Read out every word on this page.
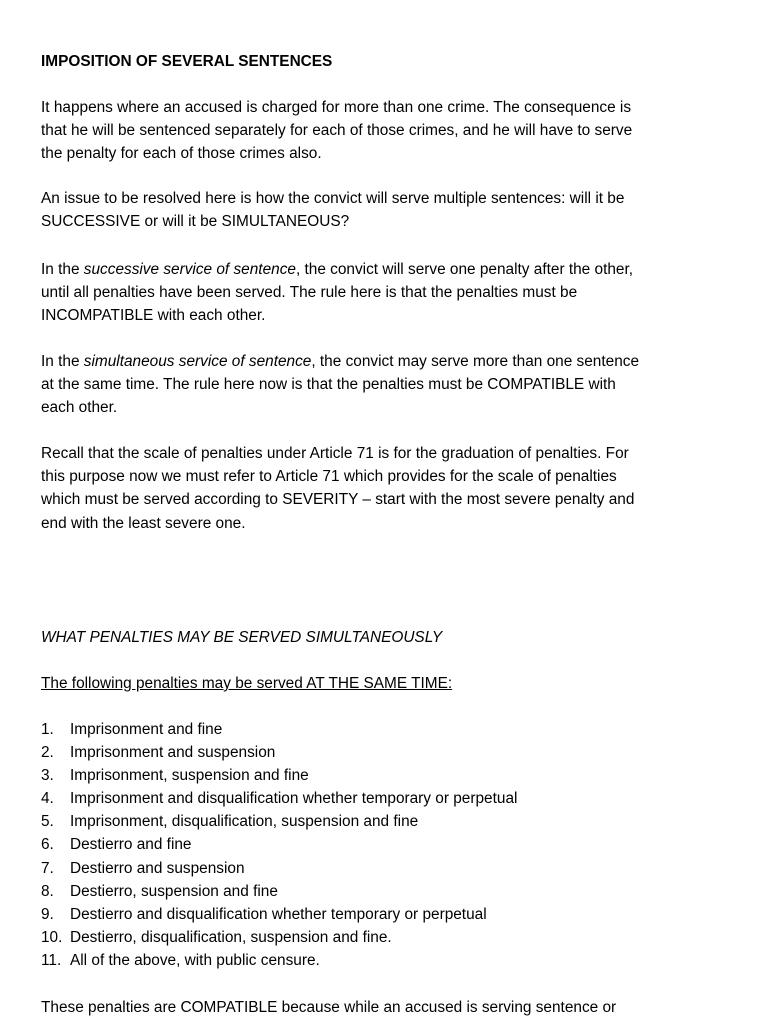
IMPOSITION OF SEVERAL SENTENCES
It happens where an accused is charged for more than one crime. The consequence is
that he will be sentenced separately for each of those crimes, and he will have to serve
the penalty for each of those crimes also.
An issue to be resolved here is how the convict will serve multiple sentences: will it be
SUCCESSIVE or will it be SIMULTANEOUS?
In the successive service of sentence, the convict will serve one penalty after the other,
until all penalties have been served. The rule here is that the penalties must be
INCOMPATIBLE with each other.
In the simultaneous service of sentence, the convict may serve more than one sentence
at the same time. The rule here now is that the penalties must be COMPATIBLE with
each other.
Recall that the scale of penalties under Article 71 is for the graduation of penalties. For
this purpose now we must refer to Article 71 which provides for the scale of penalties
which must be served according to SEVERITY – start with the most severe penalty and
end with the least severe one.
WHAT PENALTIES MAY BE SERVED SIMULTANEOUSLY
The following penalties may be served AT THE SAME TIME:
1. Imprisonment and fine
2. Imprisonment and suspension
3. Imprisonment, suspension and fine
4. Imprisonment and disqualification whether temporary or perpetual
5. Imprisonment, disqualification, suspension and fine
6. Destierro and fine
7. Destierro and suspension
8. Destierro, suspension and fine
9. Destierro and disqualification whether temporary or perpetual
10. Destierro, disqualification, suspension and fine.
11. All of the above, with public censure.
These penalties are COMPATIBLE because while an accused is serving sentence or
